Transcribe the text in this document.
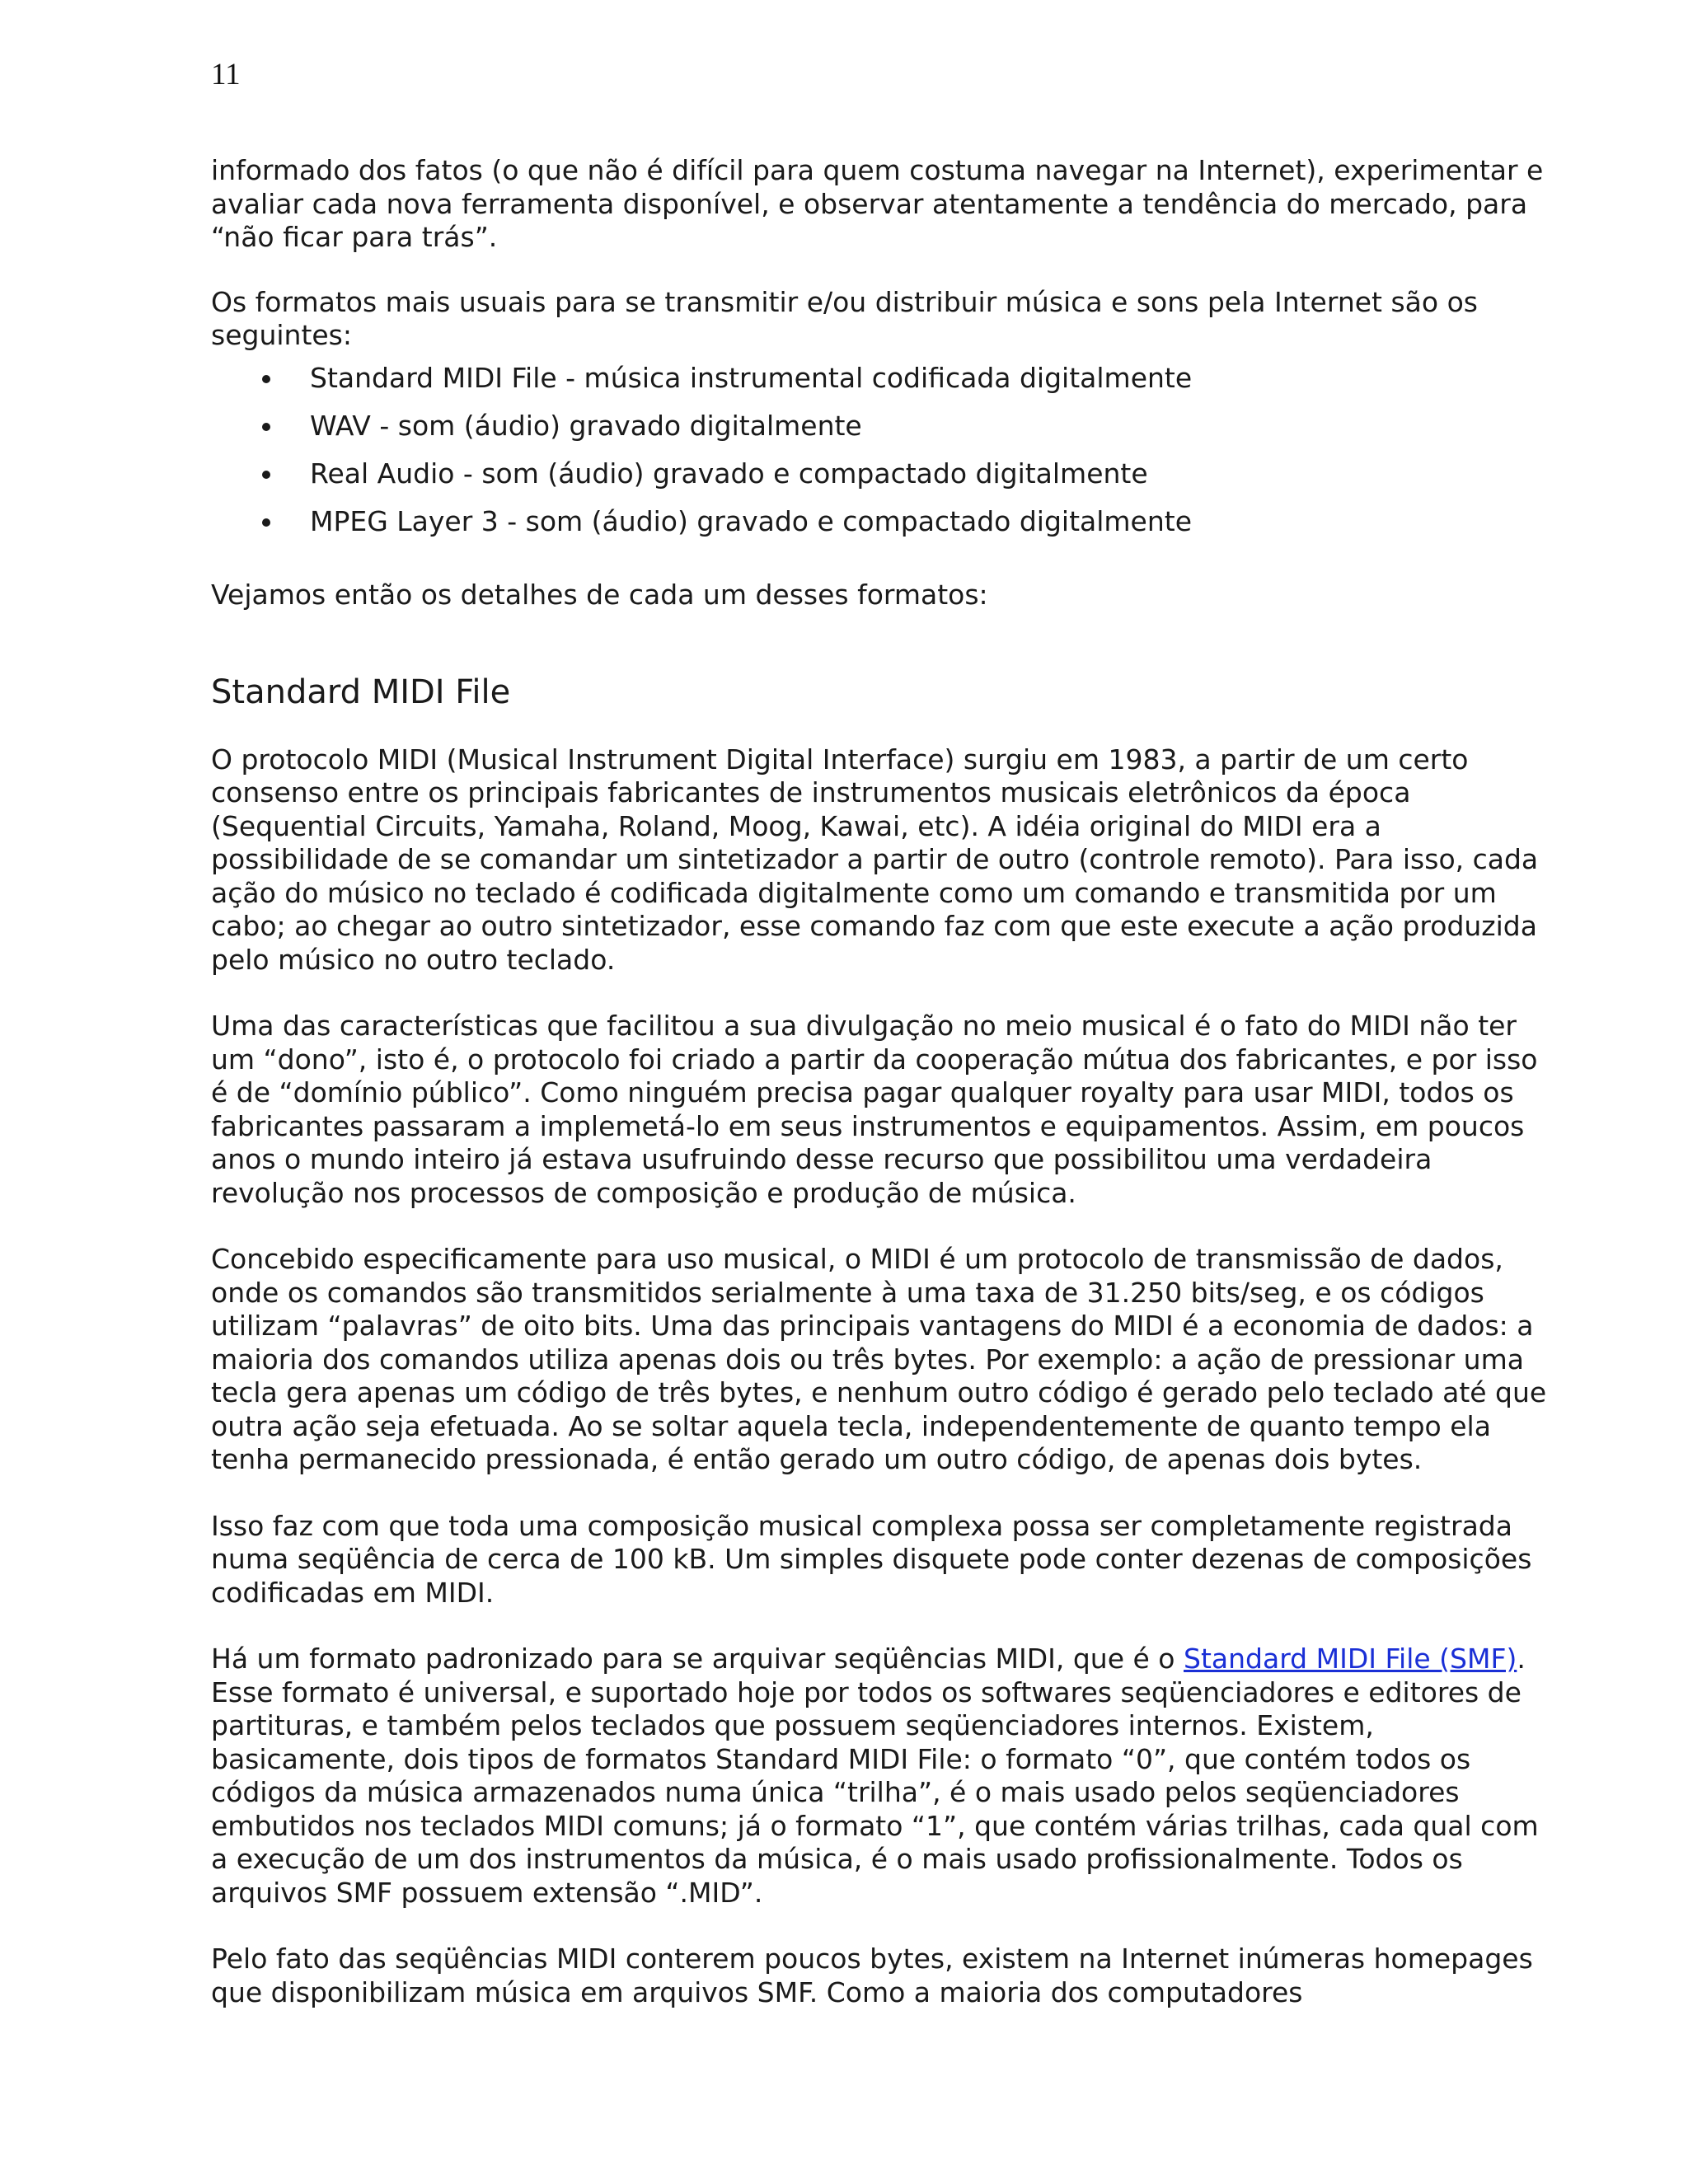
11

informado dos fatos (o que não é difícil para quem costuma navegar na Internet), experimentar e avaliar cada nova ferramenta disponível, e observar atentamente a tendência do mercado, para “não ficar para trás”.

Os formatos mais usuais para se transmitir e/ou distribuir música e sons pela Internet são os seguintes:

Standard MIDI File - música instrumental codificada digitalmente
WAV - som (áudio) gravado digitalmente
Real Audio - som (áudio) gravado e compactado digitalmente
MPEG Layer 3 - som (áudio) gravado e compactado digitalmente

Vejamos então os detalhes de cada um desses formatos:

Standard MIDI File

O protocolo MIDI (Musical Instrument Digital Interface) surgiu em 1983, a partir de um certo consenso entre os principais fabricantes de instrumentos musicais eletrônicos da época (Sequential Circuits, Yamaha, Roland, Moog, Kawai, etc). A idéia original do MIDI era a possibilidade de se comandar um sintetizador a partir de outro (controle remoto). Para isso, cada ação do músico no teclado é codificada digitalmente como um comando e transmitida por um cabo; ao chegar ao outro sintetizador, esse comando faz com que este execute a ação produzida pelo músico no outro teclado.

Uma das características que facilitou a sua divulgação no meio musical é o fato do MIDI não ter um “dono”, isto é, o protocolo foi criado a partir da cooperação mútua dos fabricantes, e por isso é de “domínio público”. Como ninguém precisa pagar qualquer royalty para usar MIDI, todos os fabricantes passaram a implemetá-lo em seus instrumentos e equipamentos. Assim, em poucos anos o mundo inteiro já estava usufruindo desse recurso que possibilitou uma verdadeira revolução nos processos de composição e produção de música.

Concebido especificamente para uso musical, o MIDI é um protocolo de transmissão de dados, onde os comandos são transmitidos serialmente à uma taxa de 31.250 bits/seg, e os códigos utilizam “palavras” de oito bits. Uma das principais vantagens do MIDI é a economia de dados: a maioria dos comandos utiliza apenas dois ou três bytes. Por exemplo: a ação de pressionar uma tecla gera apenas um código de três bytes, e nenhum outro código é gerado pelo teclado até que outra ação seja efetuada. Ao se soltar aquela tecla, independentemente de quanto tempo ela tenha permanecido pressionada, é então gerado um outro código, de apenas dois bytes.

Isso faz com que toda uma composição musical complexa possa ser completamente registrada numa seqüência de cerca de 100 kB. Um simples disquete pode conter dezenas de composições codificadas em MIDI.

Há um formato padronizado para se arquivar seqüências MIDI, que é o Standard MIDI File (SMF). Esse formato é universal, e suportado hoje por todos os softwares seqüenciadores e editores de partituras, e também pelos teclados que possuem seqüenciadores internos. Existem, basicamente, dois tipos de formatos Standard MIDI File: o formato “0”, que contém todos os códigos da música armazenados numa única “trilha”, é o mais usado pelos seqüenciadores embutidos nos teclados MIDI comuns; já o formato “1”, que contém várias trilhas, cada qual com a execução de um dos instrumentos da música, é o mais usado profissionalmente. Todos os arquivos SMF possuem extensão “.MID”.

Pelo fato das seqüências MIDI conterem poucos bytes, existem na Internet inúmeras homepages que disponibilizam música em arquivos SMF. Como a maioria dos computadores
